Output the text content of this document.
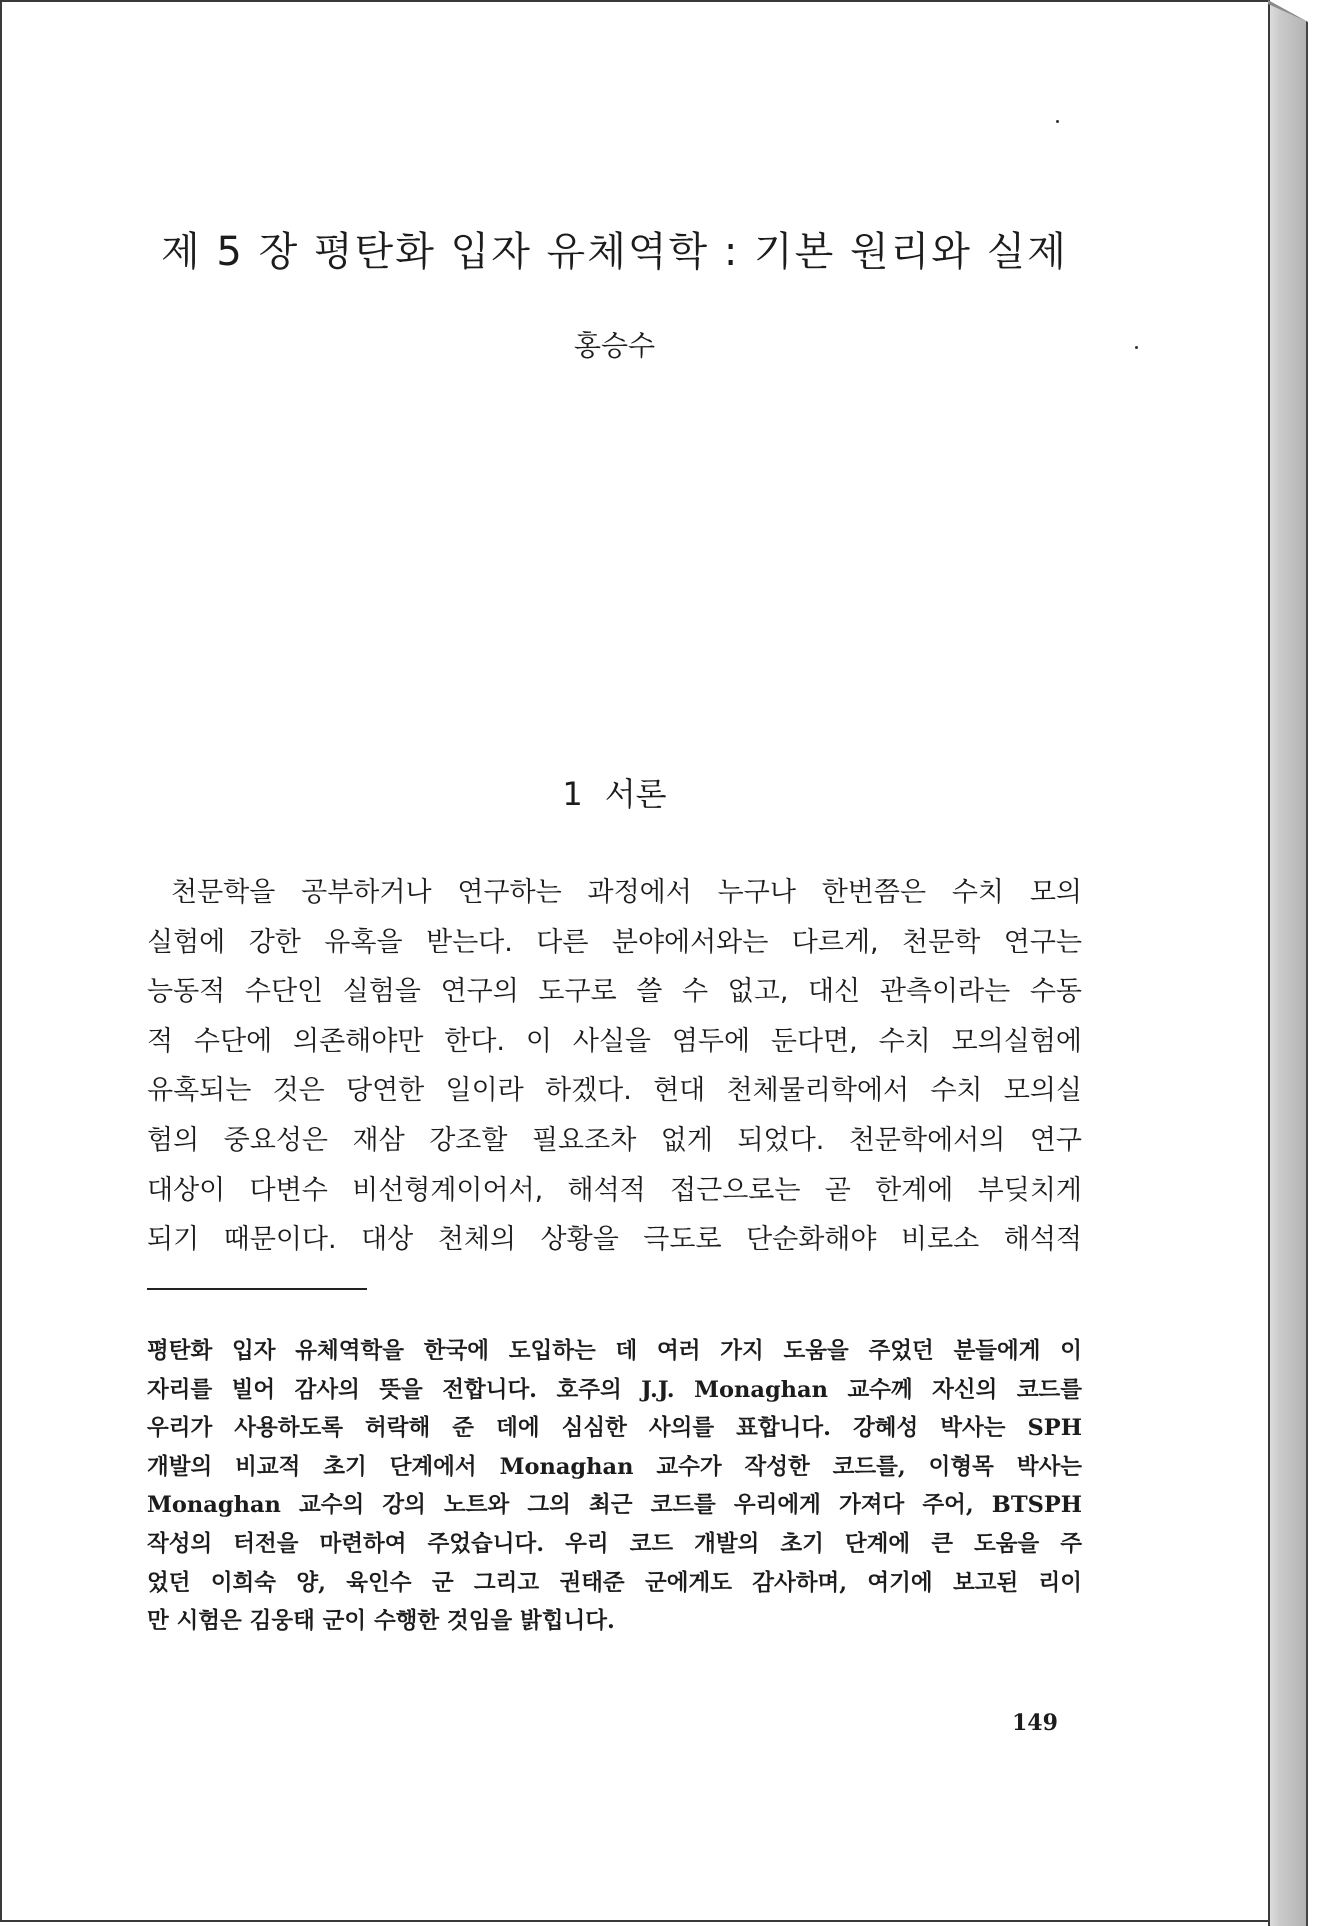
제 5 장 평탄화 입자 유체역학 : 기본 원리와 실제
홍승수
1 서론
천문학을 공부하거나 연구하는 과정에서 누구나 한번쯤은 수치 모의
실험에 강한 유혹을 받는다. 다른 분야에서와는 다르게, 천문학 연구는
능동적 수단인 실험을 연구의 도구로 쓸 수 없고, 대신 관측이라는 수동
적 수단에 의존해야만 한다. 이 사실을 염두에 둔다면, 수치 모의실험에
유혹되는 것은 당연한 일이라 하겠다. 현대 천체물리학에서 수치 모의실
험의 중요성은 재삼 강조할 필요조차 없게 되었다. 천문학에서의 연구
대상이 다변수 비선형계이어서, 해석적 접근으로는 곧 한계에 부딪치게
되기 때문이다. 대상 천체의 상황을 극도로 단순화해야 비로소 해석적
평탄화 입자 유체역학을 한국에 도입하는 데 여러 가지 도움을 주었던 분들에게 이
자리를 빌어 감사의 뜻을 전합니다. 호주의 J.J. Monaghan 교수께 자신의 코드를
우리가 사용하도록 허락해 준 데에 심심한 사의를 표합니다. 강혜성 박사는 SPH
개발의 비교적 초기 단계에서 Monaghan 교수가 작성한 코드를, 이형목 박사는
Monaghan 교수의 강의 노트와 그의 최근 코드를 우리에게 가져다 주어, BTSPH
작성의 터전을 마련하여 주었습니다. 우리 코드 개발의 초기 단계에 큰 도움을 주
었던 이희숙 양, 육인수 군 그리고 권태준 군에게도 감사하며, 여기에 보고된 리이
만 시험은 김웅태 군이 수행한 것임을 밝힙니다.
149
